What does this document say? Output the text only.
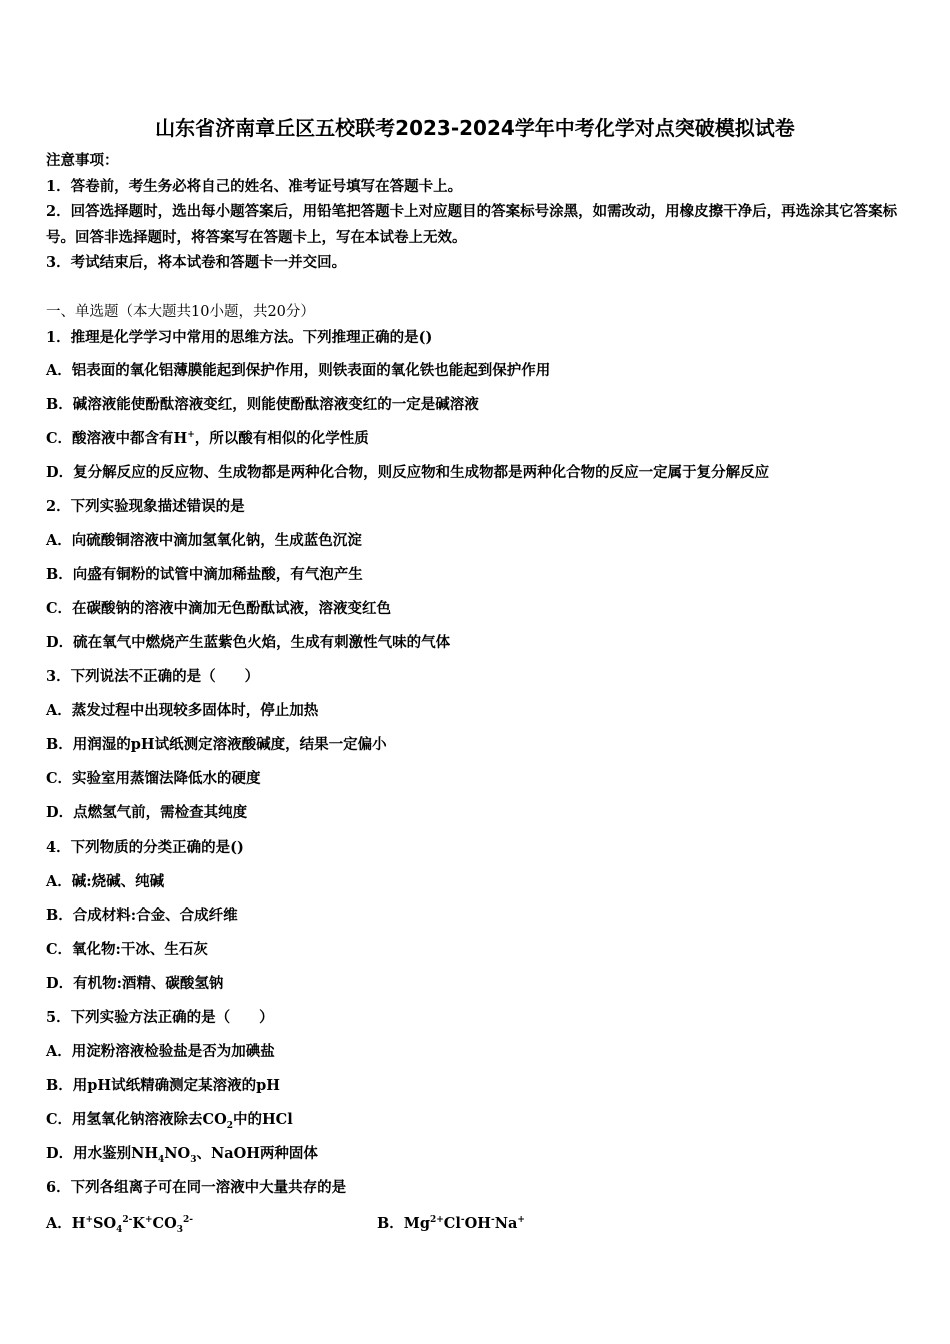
山东省济南章丘区五校联考2023-2024学年中考化学对点突破模拟试卷
注意事项：
1．答卷前，考生务必将自己的姓名、准考证号填写在答题卡上。
2．回答选择题时，选出每小题答案后，用铅笔把答题卡上对应题目的答案标号涂黑，如需改动，用橡皮擦干净后，再选涂其它答案标号。回答非选择题时，将答案写在答题卡上，写在本试卷上无效。
3．考试结束后，将本试卷和答题卡一并交回。
一、单选题（本大题共10小题，共20分）
1．推理是化学学习中常用的思维方法。下列推理正确的是()
A．铝表面的氧化铝薄膜能起到保护作用，则铁表面的氧化铁也能起到保护作用
B．碱溶液能使酚酞溶液变红，则能使酚酞溶液变红的一定是碱溶液
C．酸溶液中都含有H+，所以酸有相似的化学性质
D．复分解反应的反应物、生成物都是两种化合物，则反应物和生成物都是两种化合物的反应一定属于复分解反应
2．下列实验现象描述错误的是
A．向硫酸铜溶液中滴加氢氧化钠，生成蓝色沉淀
B．向盛有铜粉的试管中滴加稀盐酸，有气泡产生
C．在碳酸钠的溶液中滴加无色酚酞试液，溶液变红色
D．硫在氧气中燃烧产生蓝紫色火焰，生成有刺激性气味的气体
3．下列说法不正确的是（　　）
A．蒸发过程中出现较多固体时，停止加热
B．用润湿的pH试纸测定溶液酸碱度，结果一定偏小
C．实验室用蒸馏法降低水的硬度
D．点燃氢气前，需检查其纯度
4．下列物质的分类正确的是()
A．碱:烧碱、纯碱
B．合成材料:合金、合成纤维
C．氧化物:干冰、生石灰
D．有机物:酒精、碳酸氢钠
5．下列实验方法正确的是（　　）
A．用淀粉溶液检验盐是否为加碘盐
B．用pH试纸精确测定某溶液的pH
C．用氢氧化钠溶液除去$CO_2$中的HCl
D．用水鉴别$NH_4NO_3$、NaOH两种固体
6．下列各组离子可在同一溶液中大量共存的是
A．$H^+SO_4^{2-}K^+CO_3^{2-}$	B．$Mg^{2+}Cl^-OH^-Na^+$
